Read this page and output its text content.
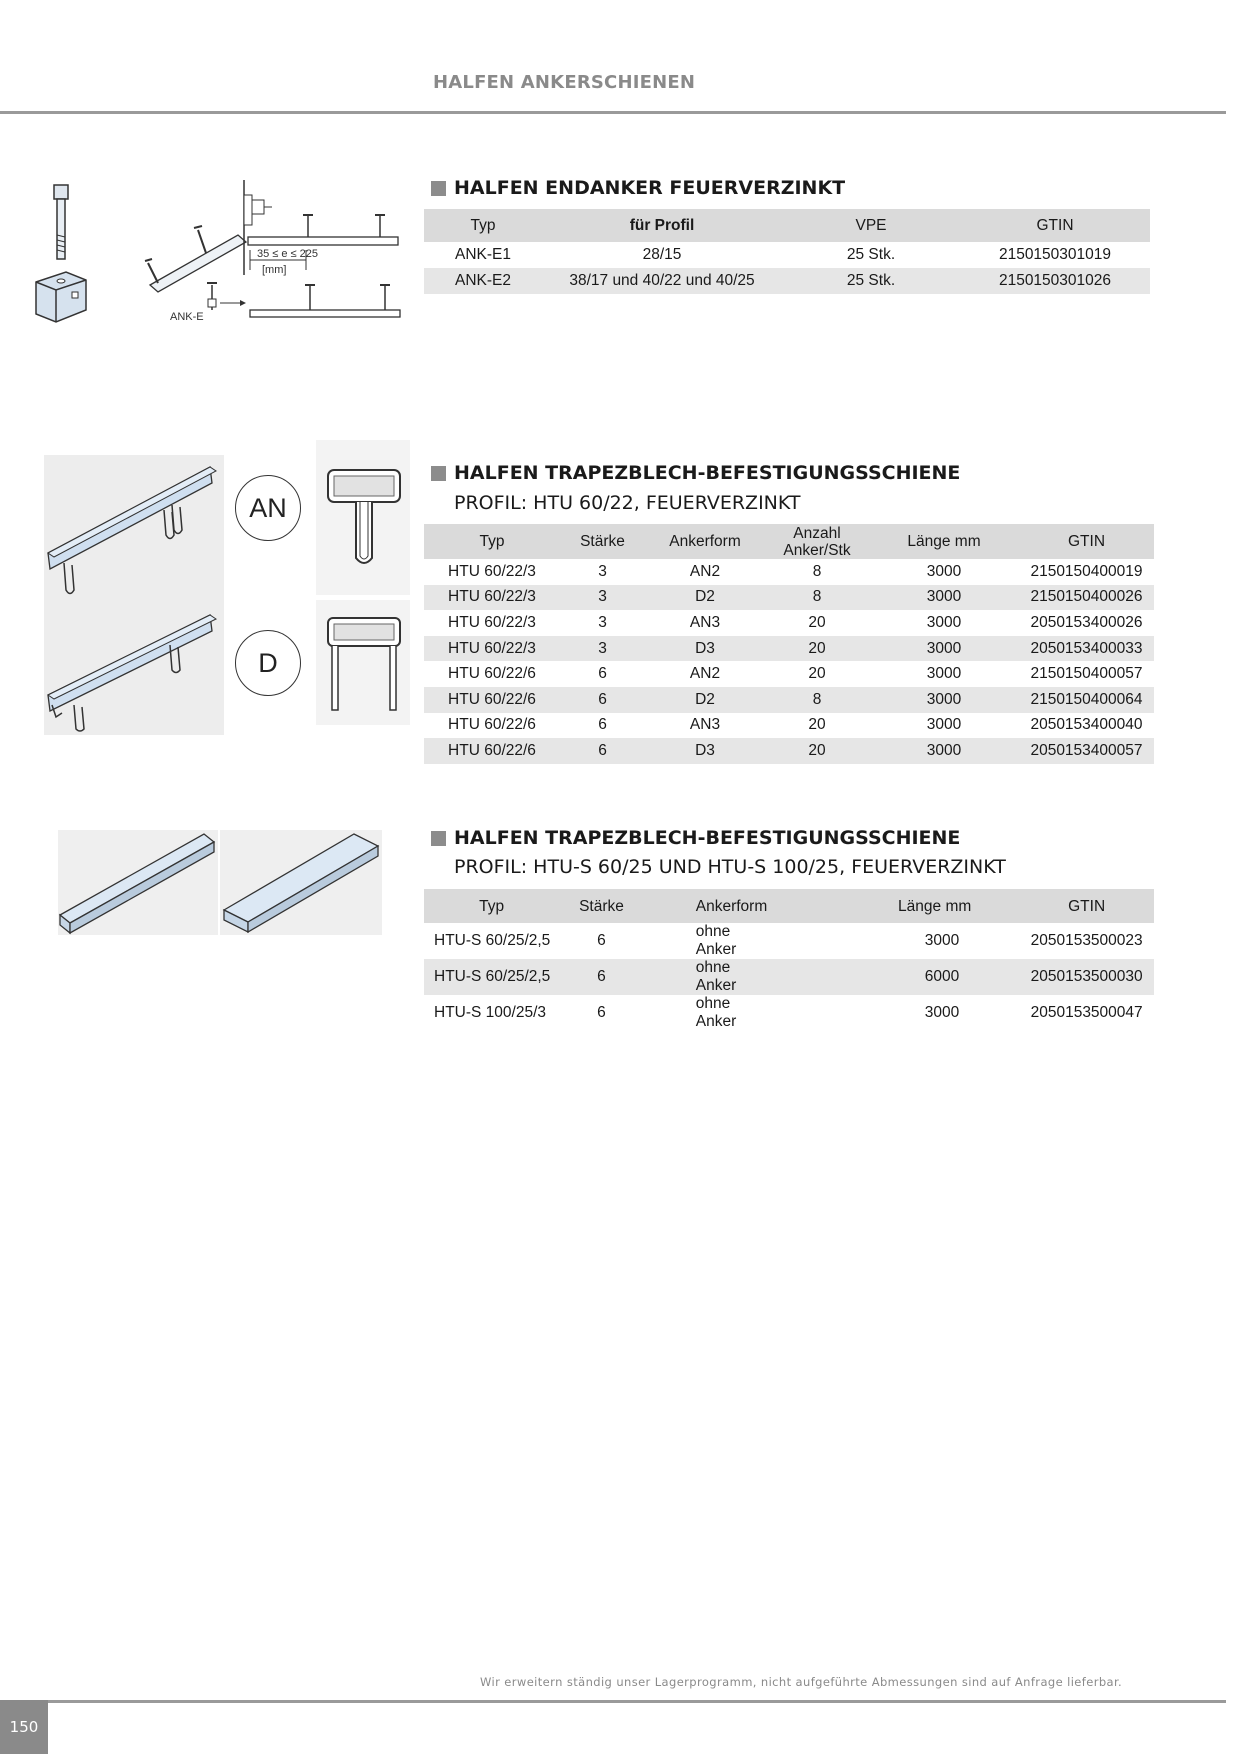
HALFEN ANKERSCHIENEN
35 ≤ e ≤ 225
[mm]
ANK-E
HALFEN ENDANKER FEUERVERZINKT
Typ	für Profil	VPE	GTIN
ANK-E1	28/15	25 Stk.	2150150301019
ANK-E2	38/17 und 40/22 und 40/25	25 Stk.	2150150301026
AN
D
HALFEN TRAPEZBLECH-BEFESTIGUNGSSCHIENE
PROFIL: HTU 60/22, FEUERVERZINKT
Typ	Stärke	Ankerform	Anzahl Anker/Stk	Länge mm	GTIN
HTU 60/22/3	3	AN2	8	3000	2150150400019
HTU 60/22/3	3	D2	8	3000	2150150400026
HTU 60/22/3	3	AN3	20	3000	2050153400026
HTU 60/22/3	3	D3	20	3000	2050153400033
HTU 60/22/6	6	AN2	20	3000	2150150400057
HTU 60/22/6	6	D2	8	3000	2150150400064
HTU 60/22/6	6	AN3	20	3000	2050153400040
HTU 60/22/6	6	D3	20	3000	2050153400057
HALFEN TRAPEZBLECH-BEFESTIGUNGSSCHIENE
PROFIL: HTU-S 60/25 UND HTU-S 100/25, FEUERVERZINKT
Typ	Stärke	Ankerform	Länge mm	GTIN
HTU-S 60/25/2,5	6	ohne Anker	3000	2050153500023
HTU-S 60/25/2,5	6	ohne Anker	6000	2050153500030
HTU-S 100/25/3	6	ohne Anker	3000	2050153500047
Wir erweitern ständig unser Lagerprogramm, nicht aufgeführte Abmessungen sind auf Anfrage lieferbar.
150
